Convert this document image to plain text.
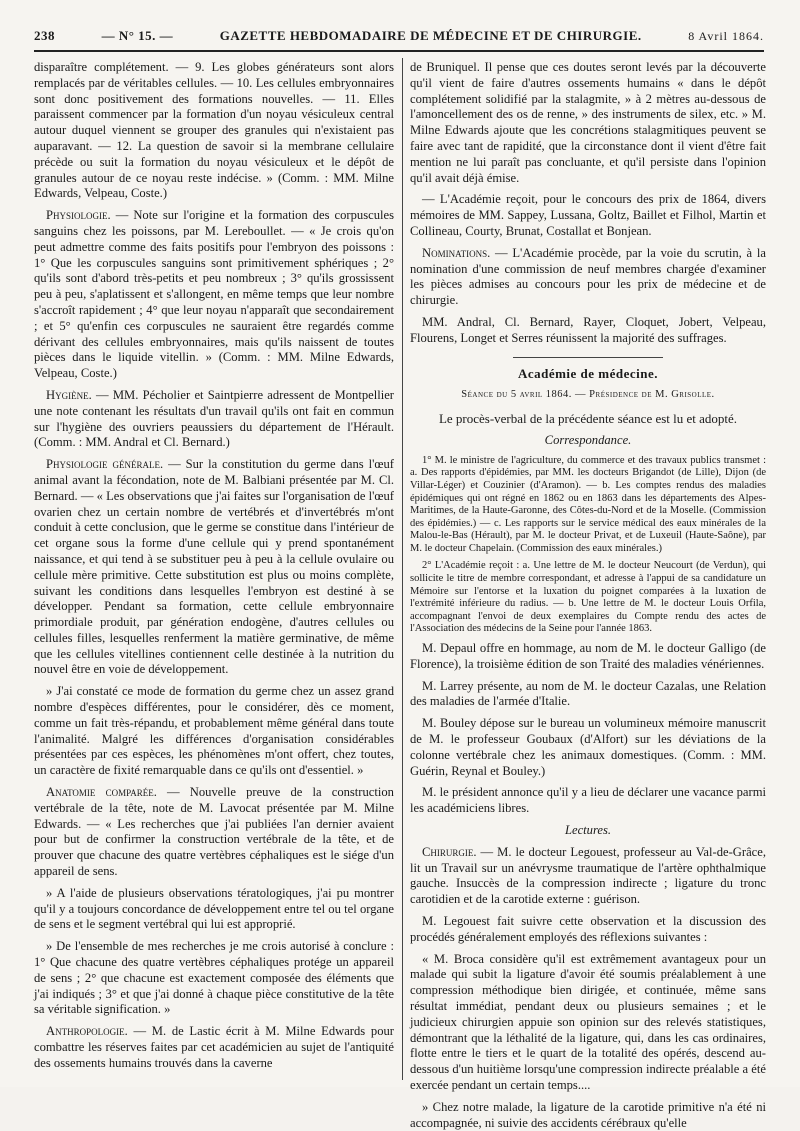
238	— N° 15. —	GAZETTE HEBDOMADAIRE DE MÉDECINE ET DE CHIRURGIE.	8 Avril 1864.

disparaître complétement. — 9. Les globes générateurs sont alors remplacés par de véritables cellules. — 10. Les cellules embryonnaires sont donc positivement des formations nouvelles. — 11. Elles paraissent commencer par la formation d'un noyau vésiculeux central autour duquel viennent se grouper des granules qui n'existaient pas auparavant. — 12. La question de savoir si la membrane cellulaire précède ou suit la formation du noyau vésiculeux et le dépôt de granules autour de ce noyau reste indécise. » (Comm. : MM. Milne Edwards, Velpeau, Coste.)

Physiologie. — Note sur l'origine et la formation des corpuscules sanguins chez les poissons, par M. Lereboullet. — « Je crois qu'on peut admettre comme des faits positifs pour l'embryon des poissons : 1° Que les corpuscules sanguins sont primitivement sphériques ; 2° qu'ils sont d'abord très-petits et peu nombreux ; 3° qu'ils grossissent peu à peu, s'aplatissent et s'allongent, en même temps que leur nombre s'accroît rapidement ; 4° que leur noyau n'apparaît que secondairement ; et 5° qu'enfin ces corpuscules ne sauraient être regardés comme dérivant des cellules embryonnaires, mais qu'ils naissent de toutes pièces dans le liquide vitellin. » (Comm. : MM. Milne Edwards, Velpeau, Coste.)

Hygiène. — MM. Pécholier et Saintpierre adressent de Montpellier une note contenant les résultats d'un travail qu'ils ont fait en commun sur l'hygiène des ouvriers peaussiers du département de l'Hérault. (Comm. : MM. Andral et Cl. Bernard.)

Physiologie générale. — Sur la constitution du germe dans l'œuf animal avant la fécondation, note de M. Balbiani présentée par M. Cl. Bernard. — « Les observations que j'ai faites sur l'organisation de l'œuf ovarien chez un certain nombre de vertébrés et d'invertébrés m'ont conduit à cette conclusion, que le germe se constitue dans l'intérieur de cet organe sous la forme d'une cellule qui y prend spontanément naissance, et qui tend à se substituer peu à peu à la cellule ovulaire ou cellule mère primitive. Cette substitution est plus ou moins complète, suivant les conditions dans lesquelles l'embryon est destiné à se développer. Pendant sa formation, cette cellule embryonnaire primordiale produit, par génération endogène, d'autres cellules ou cellules filles, lesquelles renferment la matière germinative, de même que les cellules vitellines contiennent celle destinée à la nutrition du nouvel être en voie de développement.

» J'ai constaté ce mode de formation du germe chez un assez grand nombre d'espèces différentes, pour le considérer, dès ce moment, comme un fait très-répandu, et probablement même général dans toute l'animalité. Malgré les différences d'organisation considérables présentées par ces espèces, les phénomènes m'ont offert, chez toutes, un caractère de fixité remarquable dans ce qu'ils ont d'essentiel. »

Anatomie comparée. — Nouvelle preuve de la construction vertébrale de la tête, note de M. Lavocat présentée par M. Milne Edwards. — « Les recherches que j'ai publiées l'an dernier avaient pour but de confirmer la construction vertébrale de la tête, et de prouver que chacune des quatre vertèbres céphaliques est le siége d'un appareil de sens.

» A l'aide de plusieurs observations tératologiques, j'ai pu montrer qu'il y a toujours concordance de développement entre tel ou tel organe de sens et le segment vertébral qui lui est approprié.

» De l'ensemble de mes recherches je me crois autorisé à conclure : 1° Que chacune des quatre vertèbres céphaliques protége un appareil de sens ; 2° que chacune est exactement composée des éléments que j'ai indiqués ; 3° et que j'ai donné à chaque pièce constitutive de la tête sa véritable signification. »

Anthropologie. — M. de Lastic écrit à M. Milne Edwards pour combattre les réserves faites par cet académicien au sujet de l'antiquité des ossements humains trouvés dans la caverne

de Bruniquel. Il pense que ces doutes seront levés par la découverte qu'il vient de faire d'autres ossements humains « dans le dépôt complétement solidifié par la stalagmite, » à 2 mètres au-dessous de l'amoncellement des os de renne, » des instruments de silex, etc. » M. Milne Edwards ajoute que les concrétions stalagmitiques peuvent se faire avec tant de rapidité, que la circonstance dont il vient d'être fait mention ne lui paraît pas concluante, et qu'il persiste dans l'opinion qu'il avait déjà émise.

— L'Académie reçoit, pour le concours des prix de 1864, divers mémoires de MM. Sappey, Lussana, Goltz, Baillet et Filhol, Martin et Collineau, Courty, Brunat, Costallat et Bonjean.

Nominations. — L'Académie procède, par la voie du scrutin, à la nomination d'une commission de neuf membres chargée d'examiner les pièces admises au concours pour les prix de médecine et de chirurgie.

MM. Andral, Cl. Bernard, Rayer, Cloquet, Jobert, Velpeau, Flourens, Longet et Serres réunissent la majorité des suffrages.

Académie de médecine.
Séance du 5 avril 1864. — Présidence de M. Grisolle.
Le procès-verbal de la précédente séance est lu et adopté.
Correspondance.

1° M. le ministre de l'agriculture, du commerce et des travaux publics transmet : a. Des rapports d'épidémies, par MM. les docteurs Brigandot (de Lille), Dijon (de Villar-Léger) et Couzinier (d'Aramon). — b. Les comptes rendus des maladies épidémiques qui ont régné en 1862 ou en 1863 dans les départements des Alpes-Maritimes, de la Haute-Garonne, des Côtes-du-Nord et de la Moselle. (Commission des épidémies.) — c. Les rapports sur le service médical des eaux minérales de la Malou-le-Bas (Hérault), par M. le docteur Privat, et de Luxeuil (Haute-Saône), par M. le docteur Chapelain. (Commission des eaux minérales.)

2° L'Académie reçoit : a. Une lettre de M. le docteur Neucourt (de Verdun), qui sollicite le titre de membre correspondant, et adresse à l'appui de sa candidature un Mémoire sur l'entorse et la luxation du poignet comparées à la luxation de l'extrémité inférieure du radius. — b. Une lettre de M. le docteur Louis Orfila, accompagnant l'envoi de deux exemplaires du Compte rendu des actes de l'Association des médecins de la Seine pour l'année 1863.

M. Depaul offre en hommage, au nom de M. le docteur Galligo (de Florence), la troisième édition de son Traité des maladies vénériennes.

M. Larrey présente, au nom de M. le docteur Cazalas, une Relation des maladies de l'armée d'Italie.

M. Bouley dépose sur le bureau un volumineux mémoire manuscrit de M. le professeur Goubaux (d'Alfort) sur les déviations de la colonne vertébrale chez les animaux domestiques. (Comm. : MM. Guérin, Reynal et Bouley.)

M. le président annonce qu'il y a lieu de déclarer une vacance parmi les académiciens libres.

Lectures.

Chirurgie. — M. le docteur Legouest, professeur au Val-de-Grâce, lit un Travail sur un anévrysme traumatique de l'artère ophthalmique gauche. Insuccès de la compression indirecte ; ligature du tronc carotidien et de la carotide externe : guérison.

M. Legouest fait suivre cette observation et la discussion des procédés généralement employés des réflexions suivantes :

« M. Broca considère qu'il est extrêmement avantageux pour un malade qui subit la ligature d'avoir été soumis préalablement à une compression méthodique bien dirigée, et continuée, même sans résultat immédiat, pendant deux ou plusieurs semaines ; et le judicieux chirurgien appuie son opinion sur des relevés statistiques, démontrant que la léthalité de la ligature, qui, dans les cas ordinaires, flotte entre le tiers et le quart de la totalité des opérés, descend au-dessous d'un huitième lorsqu'une compression indirecte préalable a été exercée pendant un certain temps....

» Chez notre malade, la ligature de la carotide primitive n'a été ni accompagnée, ni suivie des accidents cérébraux qu'elle
